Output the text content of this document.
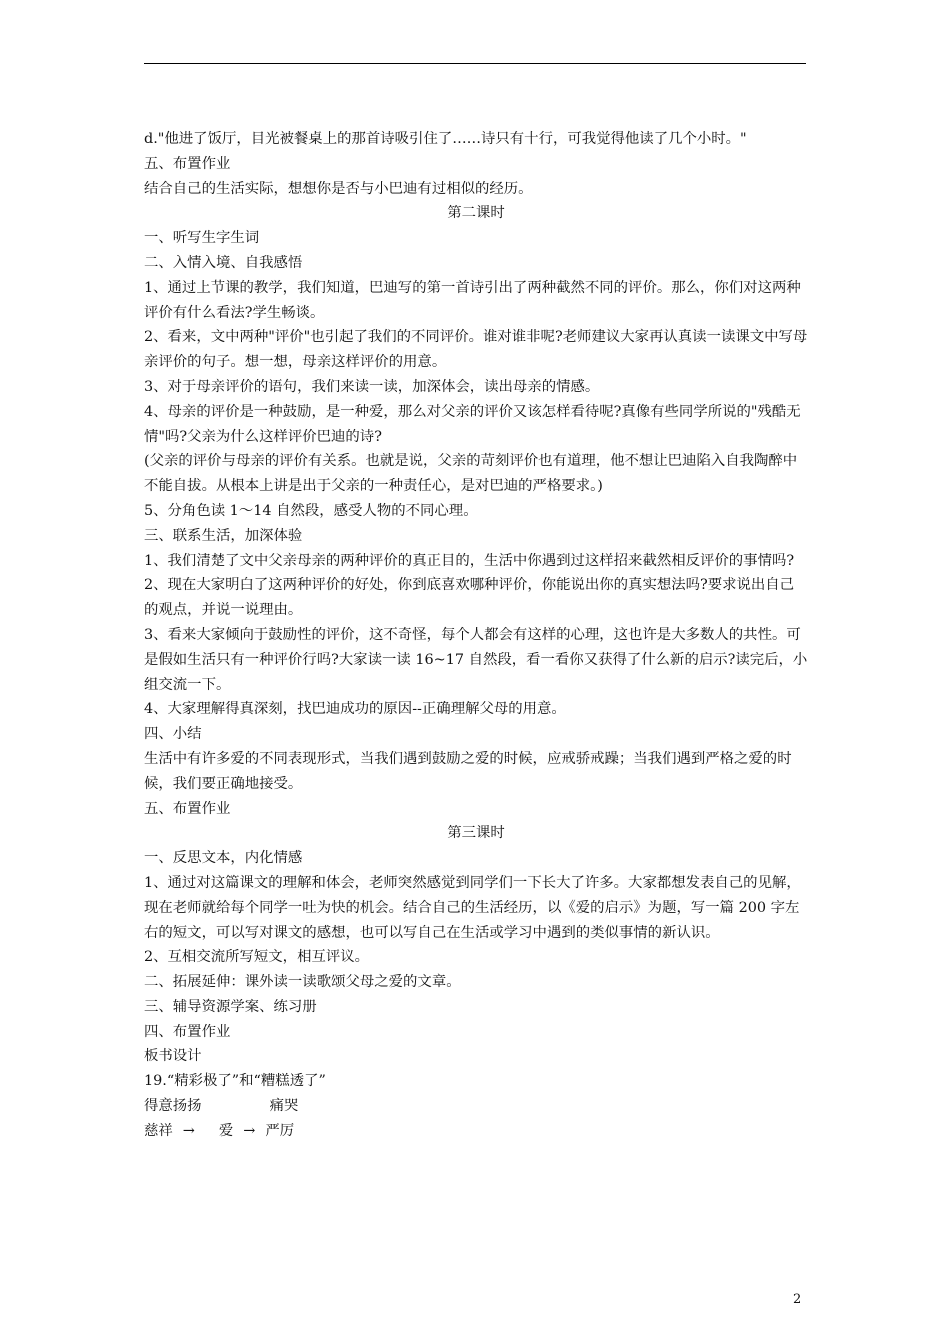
d."他进了饭厅，目光被餐桌上的那首诗吸引住了……诗只有十行，可我觉得他读了几个小时。"

五、布置作业

结合自己的生活实际，想想你是否与小巴迪有过相似的经历。

第二课时

一、听写生字生词

二、入情入境、自我感悟

1、通过上节课的教学，我们知道，巴迪写的第一首诗引出了两种截然不同的评价。那么，你们对这两种评价有什么看法?学生畅谈。

2、看来，文中两种"评价"也引起了我们的不同评价。谁对谁非呢?老师建议大家再认真读一读课文中写母亲评价的句子。想一想，母亲这样评价的用意。

3、对于母亲评价的语句，我们来读一读，加深体会，读出母亲的情感。

4、母亲的评价是一种鼓励，是一种爱，那么对父亲的评价又该怎样看待呢?真像有些同学所说的"残酷无情"吗?父亲为什么这样评价巴迪的诗?

(父亲的评价与母亲的评价有关系。也就是说，父亲的苛刻评价也有道理，他不想让巴迪陷入自我陶醉中不能自拔。从根本上讲是出于父亲的一种责任心，是对巴迪的严格要求。)

5、分角色读 1～14 自然段，感受人物的不同心理。

三、联系生活，加深体验

1、我们清楚了文中父亲母亲的两种评价的真正目的，生活中你遇到过这样招来截然相反评价的事情吗?

2、现在大家明白了这两种评价的好处，你到底喜欢哪种评价，你能说出你的真实想法吗?要求说出自己的观点，并说一说理由。

3、看来大家倾向于鼓励性的评价，这不奇怪，每个人都会有这样的心理，这也许是大多数人的共性。可是假如生活只有一种评价行吗?大家读一读 16~17 自然段，看一看你又获得了什么新的启示?读完后，小组交流一下。

4、大家理解得真深刻，找巴迪成功的原因--正确理解父母的用意。

四、小结

生活中有许多爱的不同表现形式，当我们遇到鼓励之爱的时候，应戒骄戒躁；当我们遇到严格之爱的时候，我们要正确地接受。

五、布置作业

第三课时

一、反思文本，内化情感

1、通过对这篇课文的理解和体会，老师突然感觉到同学们一下长大了许多。大家都想发表自己的见解，现在老师就给每个同学一吐为快的机会。结合自己的生活经历，以《爱的启示》为题，写一篇 200 字左右的短文，可以写对课文的感想，也可以写自己在生活或学习中遇到的类似事情的新认识。

2、互相交流所写短文，相互评议。

二、拓展延伸：课外读一读歌颂父母之爱的文章。

三、辅导资源学案、练习册

四、布置作业

板书设计

19.“精彩极了”和“糟糕透了”

得意扬扬	痛哭

慈祥 → 爱 → 严厉

2
